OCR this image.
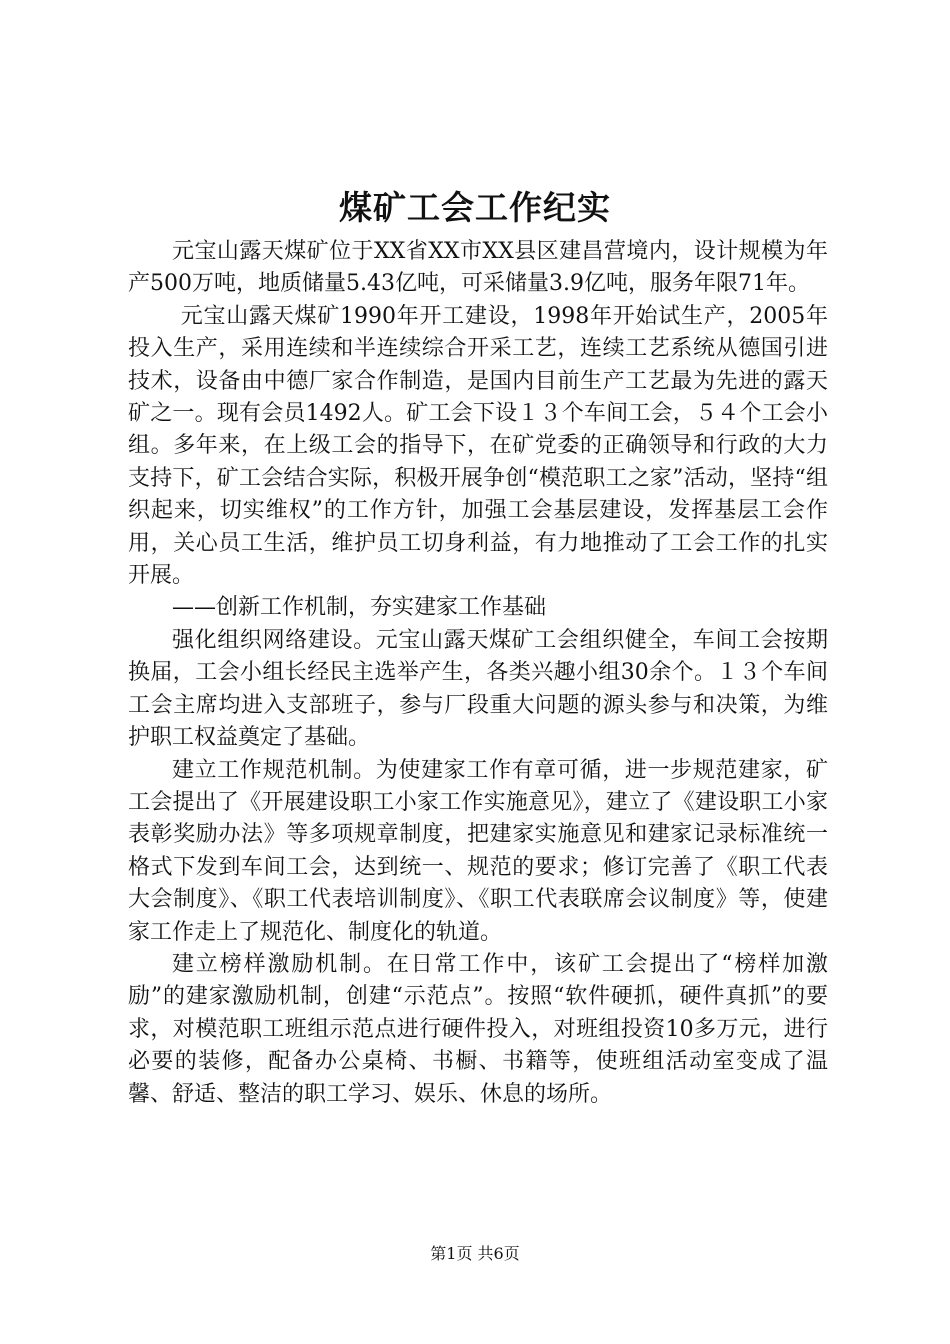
煤矿工会工作纪实

元宝山露天煤矿位于XX省XX市XX县区建昌营境内，设计规模为年产500万吨，地质储量5.43亿吨，可采储量3.9亿吨，服务年限71年。

元宝山露天煤矿1990年开工建设，1998年开始试生产，2005年投入生产，采用连续和半连续综合开采工艺，连续工艺系统从德国引进技术，设备由中德厂家合作制造，是国内目前生产工艺最为先进的露天矿之一。现有会员1492人。矿工会下设１３个车间工会，５４个工会小组。多年来，在上级工会的指导下，在矿党委的正确领导和行政的大力支持下，矿工会结合实际，积极开展争创“模范职工之家”活动，坚持“组织起来，切实维权”的工作方针，加强工会基层建设，发挥基层工会作用，关心员工生活，维护员工切身利益，有力地推动了工会工作的扎实开展。

——创新工作机制，夯实建家工作基础

强化组织网络建设。元宝山露天煤矿工会组织健全，车间工会按期换届，工会小组长经民主选举产生，各类兴趣小组30余个。１３个车间工会主席均进入支部班子，参与厂段重大问题的源头参与和决策，为维护职工权益奠定了基础。

建立工作规范机制。为使建家工作有章可循，进一步规范建家，矿工会提出了《开展建设职工小家工作实施意见》，建立了《建设职工小家表彰奖励办法》等多项规章制度，把建家实施意见和建家记录标准统一格式下发到车间工会，达到统一、规范的要求；修订完善了《职工代表大会制度》、《职工代表培训制度》、《职工代表联席会议制度》等，使建家工作走上了规范化、制度化的轨道。

建立榜样激励机制。在日常工作中，该矿工会提出了“榜样加激励”的建家激励机制，创建“示范点”。按照“软件硬抓，硬件真抓”的要求，对模范职工班组示范点进行硬件投入，对班组投资10多万元，进行必要的装修，配备办公桌椅、书橱、书籍等，使班组活动室变成了温馨、舒适、整洁的职工学习、娱乐、休息的场所。

第1页 共6页
